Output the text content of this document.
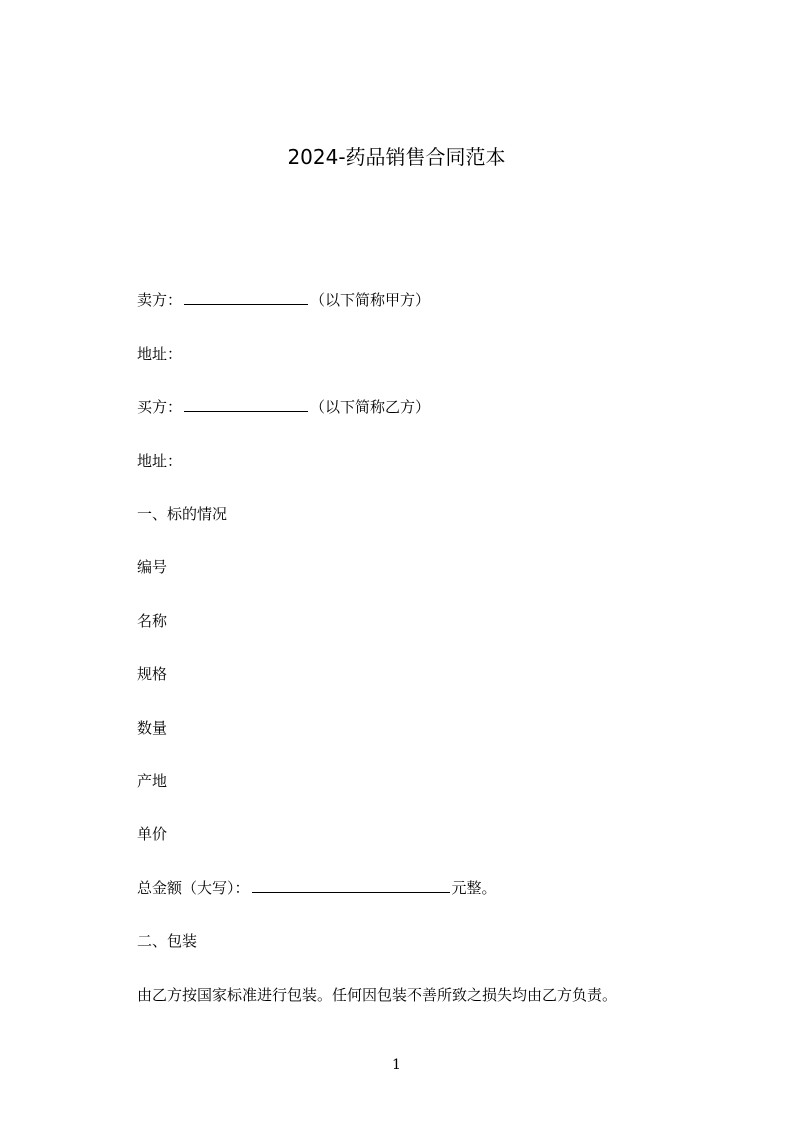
2024-药品销售合同范本
卖方：	（以下简称甲方）
地址：
买方：	（以下简称乙方）
地址：
一、标的情况
编号
名称
规格
数量
产地
单价
总金额（大写）：	元整。
二、包装
由乙方按国家标准进行包装。任何因包装不善所致之损失均由乙方负责。
1
